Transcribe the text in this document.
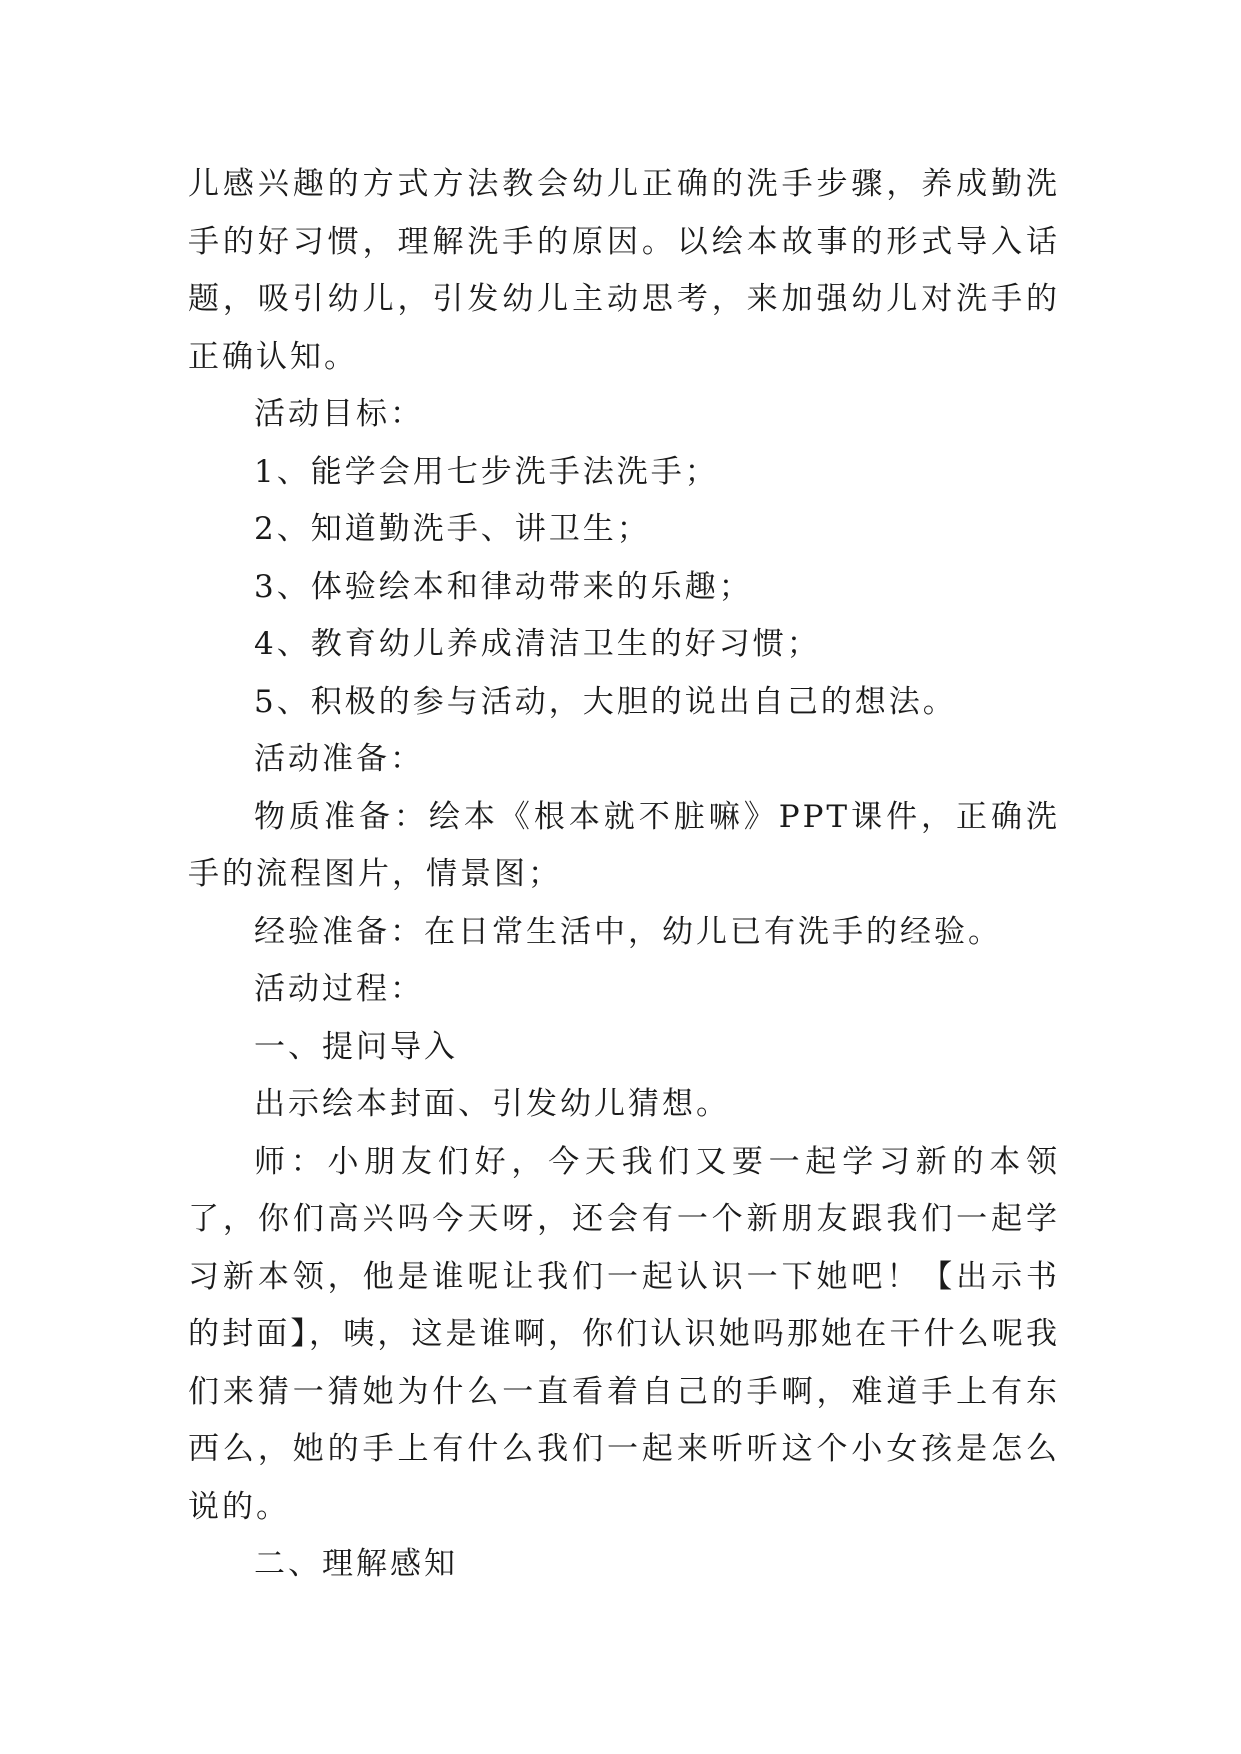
儿感兴趣的方式方法教会幼儿正确的洗手步骤，养成勤洗手的好习惯，理解洗手的原因。以绘本故事的形式导入话题，吸引幼儿，引发幼儿主动思考，来加强幼儿对洗手的正确认知。

活动目标：

1、能学会用七步洗手法洗手；

2、知道勤洗手、讲卫生；

3、体验绘本和律动带来的乐趣；

4、教育幼儿养成清洁卫生的好习惯；

5、积极的参与活动，大胆的说出自己的想法。

活动准备：

物质准备：绘本《根本就不脏嘛》PPT课件，正确洗手的流程图片，情景图；

经验准备：在日常生活中，幼儿已有洗手的经验。

活动过程：

一、提问导入

出示绘本封面、引发幼儿猜想。

师：小朋友们好，今天我们又要一起学习新的本领了，你们高兴吗今天呀，还会有一个新朋友跟我们一起学习新本领，他是谁呢让我们一起认识一下她吧！【出示书的封面】，咦，这是谁啊，你们认识她吗那她在干什么呢我们来猜一猜她为什么一直看着自己的手啊，难道手上有东西么，她的手上有什么我们一起来听听这个小女孩是怎么说的。

二、理解感知
